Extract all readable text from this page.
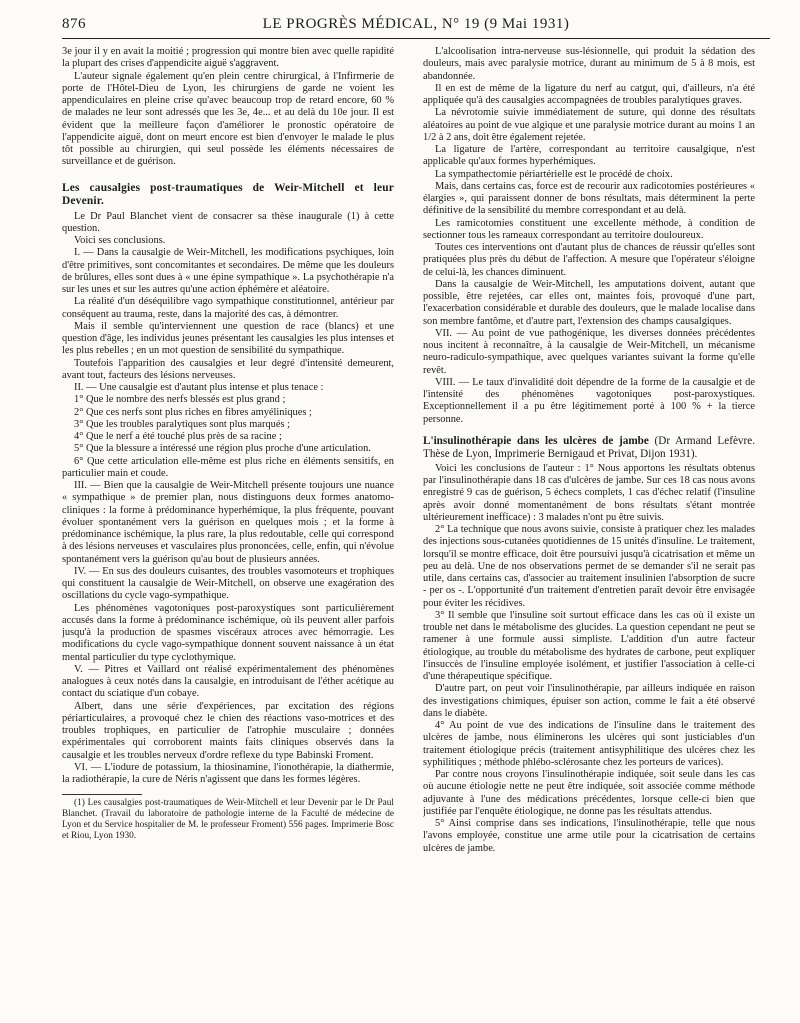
876	LE PROGRÈS MÉDICAL, N° 19 (9 Mai 1931)

3e jour il y en avait la moitié ; progression qui montre bien avec quelle rapidité la plupart des crises d'appendicite aiguë s'aggravent.

L'auteur signale également qu'en plein centre chirurgical, à l'Infirmerie de porte de l'Hôtel-Dieu de Lyon, les chirurgiens de garde ne voient les appendiculaires en pleine crise qu'avec beaucoup trop de retard encore, 60 % de malades ne leur sont adressés que les 3e, 4e... et au delà du 10e jour. Il est évident que la meilleure façon d'améliorer le pronostic opératoire de l'appendicite aiguë, dont on meurt encore est bien d'envoyer le malade le plus tôt possible au chirurgien, qui seul possède les éléments nécessaires de surveillance et de guérison.

Les causalgies post-traumatiques de Weir-Mitchell et leur Devenir.

Le Dr Paul Blanchet vient de consacrer sa thèse inaugurale (1) à cette question.

Voici ses conclusions.

I. — Dans la causalgie de Weir-Mitchell, les modifications psychiques, loin d'être primitives, sont concomitantes et secondaires. De même que les douleurs de brûlures, elles sont dues à « une épine sympathique ». La psychothérapie n'a sur les unes et sur les autres qu'une action éphémère et aléatoire.

La réalité d'un déséquilibre vago sympathique constitutionnel, antérieur par conséquent au trauma, reste, dans la majorité des cas, à démontrer.

Mais il semble qu'interviennent une question de race (blancs) et une question d'âge, les individus jeunes présentant les causalgies les plus intenses et les plus rebelles ; en un mot question de sensibilité du sympathique.

Toutefois l'apparition des causalgies et leur degré d'intensité demeurent, avant tout, facteurs des lésions nerveuses.

II. — Une causalgie est d'autant plus intense et plus tenace :

1° Que le nombre des nerfs blessés est plus grand ;

2° Que ces nerfs sont plus riches en fibres amyéliniques ;

3° Que les troubles paralytiques sont plus marqués ;

4° Que le nerf a été touché plus près de sa racine ;

5° Que la blessure a intéressé une région plus proche d'une articulation.

6° Que cette articulation elle-même est plus riche en éléments sensitifs, en particulier main et coude.

III. — Bien que la causalgie de Weir-Mitchell présente toujours une nuance « sympathique » de premier plan, nous distinguons deux formes anatomo-cliniques : la forme à prédominance hyperhémique, la plus fréquente, pouvant évoluer spontanément vers la guérison en quelques mois ; et la forme à prédominance ischémique, la plus rare, la plus redoutable, celle qui correspond à des lésions nerveuses et vasculaires plus prononcées, celle, enfin, qui n'évolue spontanément vers la guérison qu'au bout de plusieurs années.

IV. — En sus des douleurs cuisantes, des troubles vasomoteurs et trophiques qui constituent la causalgie de Weir-Mitchell, on observe une exagération des oscillations du cycle vago-sympathique.

Les phénomènes vagotoniques post-paroxystiques sont particulièrement accusés dans la forme à prédominance ischémique, où ils peuvent aller parfois jusqu'à la production de spasmes viscéraux atroces avec hémorragie. Les modifications du cycle vago-sympathique donnent souvent naissance à un état mental particulier du type cyclothymique.

V. — Pitres et Vaillard ont réalisé expérimentalement des phénomènes analogues à ceux notés dans la causalgie, en introduisant de l'éther acétique au contact du sciatique d'un cobaye.

Albert, dans une série d'expériences, par excitation des régions périarticulaires, a provoqué chez le chien des réactions vaso-motrices et des troubles trophiques, en particulier de l'atrophie musculaire ; données expérimentales qui corroborent maints faits cliniques observés dans la causalgie et les troubles nerveux d'ordre reflexe du type Babinski Froment.

VI. — L'iodure de potassium, la thiosinamine, l'ionothérapie, la diathermie, la radiothérapie, la cure de Néris n'agissent que dans les formes légères.

(1) Les causalgies post-traumatiques de Weir-Mitchell et leur Devenir par le Dr Paul Blanchet. (Travail du laboratoire de pathologie interne de la Faculté de médecine de Lyon et du Service hospitalier de M. le professeur Froment) 556 pages. Imprimerie Bosc et Riou, Lyon 1930.

L'alcoolisation intra-nerveuse sus-lésionnelle, qui produit la sédation des douleurs, mais avec paralysie motrice, durant au minimum de 5 à 8 mois, est abandonnée.

Il en est de même de la ligature du nerf au catgut, qui, d'ailleurs, n'a été appliquée qu'à des causalgies accompagnées de troubles paralytiques graves.

La névrotomie suivie immédiatement de suture, qui donne des résultats aléatoires au point de vue algique et une paralysie motrice durant au moins 1 an 1/2 à 2 ans, doit être également rejetée.

La ligature de l'artère, correspondant au territoire causalgique, n'est applicable qu'aux formes hyperhémiques.

La sympathectomie périartérielle est le procédé de choix.

Mais, dans certains cas, force est de recourir aux radicotomies postérieures « élargies », qui paraissent donner de bons résultats, mais déterminent la perte définitive de la sensibilité du membre correspondant et au delà.

Les ramicotomies constituent une excellente méthode, à condition de sectionner tous les rameaux correspondant au territoire douloureux.

Toutes ces interventions ont d'autant plus de chances de réussir qu'elles sont pratiquées plus près du début de l'affection. A mesure que l'opérateur s'éloigne de celui-là, les chances diminuent.

Dans la causalgie de Weir-Mitchell, les amputations doivent, autant que possible, être rejetées, car elles ont, maintes fois, provoqué d'une part, l'exacerbation considérable et durable des douleurs, que le malade localise dans son membre fantôme, et d'autre part, l'extension des champs causalgiques.

VII. — Au point de vue pathogénique, les diverses données précédentes nous incitent à reconnaître, à la causalgie de Weir-Mitchell, un mécanisme neuro-radiculo-sympathique, avec quelques variantes suivant la forme qu'elle revêt.

VIII. — Le taux d'invalidité doit dépendre de la forme de la causalgie et de l'intensité des phénomènes vagotoniques post-paroxystiques. Exceptionnellement il a pu être légitimement porté à 100 % + la tierce personne.

L'insulinothérapie dans les ulcères de jambe (Dr Armand Lefèvre. Thèse de Lyon, Imprimerie Bernigaud et Privat, Dijon 1931).

Voici les conclusions de l'auteur : 1° Nous apportons les résultats obtenus par l'insulinothérapie dans 18 cas d'ulcères de jambe. Sur ces 18 cas nous avons enregistré 9 cas de guérison, 5 échecs complets, 1 cas d'échec relatif (l'insuline après avoir donné momentanément de bons résultats s'étant montrée ultérieurement inefficace) : 3 malades n'ont pu être suivis.

2° La technique que nous avons suivie, consiste à pratiquer chez les malades des injections sous-cutanées quotidiennes de 15 unités d'insuline. Le traitement, lorsqu'il se montre efficace, doit être poursuivi jusqu'à cicatrisation et même un peu au delà. Une de nos observations permet de se demander s'il ne serait pas utile, dans certains cas, d'associer au traitement insulinien l'absorption de sucre - per os -. L'opportunité d'un traitement d'entretien paraît devoir être envisagée pour éviter les récidives.

3° Il semble que l'insuline soit surtout efficace dans les cas où il existe un trouble net dans le métabolisme des glucides. La question cependant ne peut se ramener à une formule aussi simpliste. L'addition d'un autre facteur étiologique, au trouble du métabolisme des hydrates de carbone, peut expliquer l'insuccès de l'insuline employée isolément, et justifier l'association à celle-ci d'une thérapeutique spécifique.

D'autre part, on peut voir l'insulinothérapie, par ailleurs indiquée en raison des investigations chimiques, épuiser son action, comme le fait a été observé dans le diabète.

4° Au point de vue des indications de l'insuline dans le traitement des ulcères de jambe, nous éliminerons les ulcères qui sont justiciables d'un traitement étiologique précis (traitement antisyphilitique des ulcères chez les syphilitiques ; méthode phlébo-sclérosante chez les porteurs de varices).

Par contre nous croyons l'insulinothérapie indiquée, soit seule dans les cas où aucune étiologie nette ne peut être indiquée, soit associée comme méthode adjuvante à l'une des médications précédentes, lorsque celle-ci bien que justifiée par l'enquête étiologique, ne donne pas les résultats attendus.

5° Ainsi comprise dans ses indications, l'insulinothérapie, telle que nous l'avons employée, constitue une arme utile pour la cicatrisation de certains ulcères de jambe.
